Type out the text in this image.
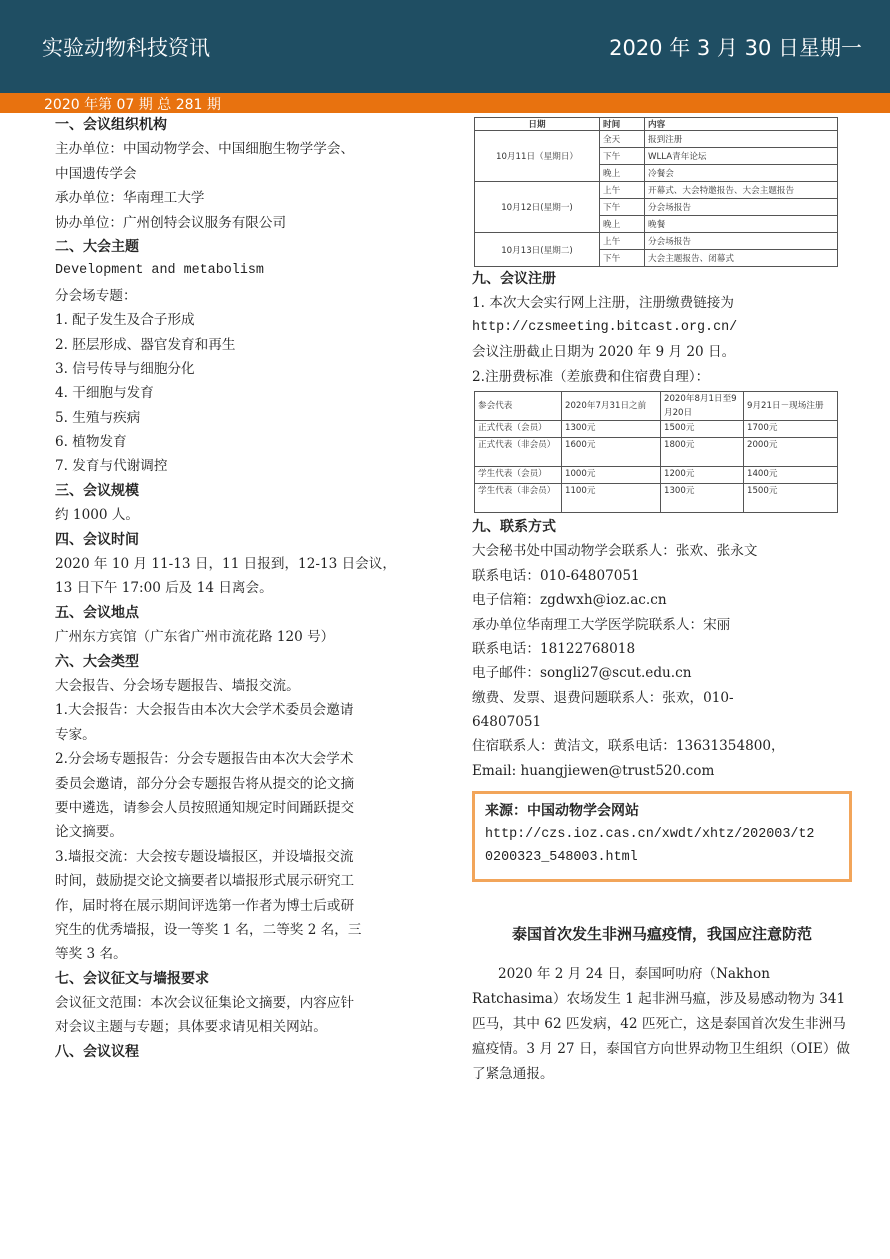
实验动物科技资讯	2020 年 3 月 30 日星期一
2020 年第 07 期 总 281 期
一、会议组织机构
主办单位：中国动物学会、中国细胞生物学学会、
中国遗传学会
承办单位：华南理工大学
协办单位：广州创特会议服务有限公司
二、大会主题
Development and metabolism
分会场专题：
1. 配子发生及合子形成
2. 胚层形成、器官发育和再生
3. 信号传导与细胞分化
4. 干细胞与发育
5. 生殖与疾病
6. 植物发育
7. 发育与代谢调控
三、会议规模
约 1000 人。
四、会议时间
2020 年 10 月 11-13 日，11 日报到，12-13 日会议，
13 日下午 17:00 后及 14 日离会。
五、会议地点
广州东方宾馆（广东省广州市流花路 120 号）
六、大会类型
大会报告、分会场专题报告、墙报交流。
1.大会报告：大会报告由本次大会学术委员会邀请
专家。
2.分会场专题报告：分会专题报告由本次大会学术
委员会邀请，部分分会专题报告将从提交的论文摘
要中遴选，请参会人员按照通知规定时间踊跃提交
论文摘要。
3.墙报交流：大会按专题设墙报区，并设墙报交流
时间，鼓励提交论文摘要者以墙报形式展示研究工
作，届时将在展示期间评选第一作者为博士后或研
究生的优秀墙报，设一等奖 1 名，二等奖 2 名，三
等奖 3 名。
七、会议征文与墙报要求
会议征文范围：本次会议征集论文摘要，内容应针
对会议主题与专题；具体要求请见相关网站。
八、会议议程
日期	时间	内容
10月11日（星期日）	全天	报到注册
	下午	WLLA青年论坛
	晚上	冷餐会
10月12日(星期一)	上午	开幕式、大会特邀报告、大会主题报告
	下午	分会场报告
	晚上	晚餐
10月13日(星期二)	上午	分会场报告
	下午	大会主题报告、闭幕式
九、会议注册
1. 本次大会实行网上注册，注册缴费链接为
http://czsmeeting.bitcast.org.cn/
会议注册截止日期为 2020 年 9 月 20 日。
2.注册费标准（差旅费和住宿费自理）：
参会代表	2020年7月31日之前	2020年8月1日至9月20日	9月21日－现场注册
正式代表（会员）	1300元	1500元	1700元
正式代表（非会员）	1600元	1800元	2000元
学生代表（会员）	1000元	1200元	1400元
学生代表（非会员）	1100元	1300元	1500元
九、联系方式
大会秘书处中国动物学会联系人：张欢、张永文
联系电话：010-64807051
电子信箱：zgdwxh@ioz.ac.cn
承办单位华南理工大学医学院联系人：宋丽
联系电话：18122768018
电子邮件：songli27@scut.edu.cn
缴费、发票、退费问题联系人：张欢，010-
64807051
住宿联系人：黄洁文，联系电话：13631354800，
Email: huangjiewen@trust520.com
来源：中国动物学会网站
http://czs.ioz.cas.cn/xwdt/xhtz/202003/t2
0200323_548003.html
泰国首次发生非洲马瘟疫情，我国应注意防范
2020 年 2 月 24 日，泰国呵叻府（Nakhon Ratchasima）农场发生 1 起非洲马瘟，涉及易感动物为 341 匹马，其中 62 匹发病，42 匹死亡，这是泰国首次发生非洲马瘟疫情。3 月 27 日，泰国官方向世界动物卫生组织（OIE）做了紧急通报。
